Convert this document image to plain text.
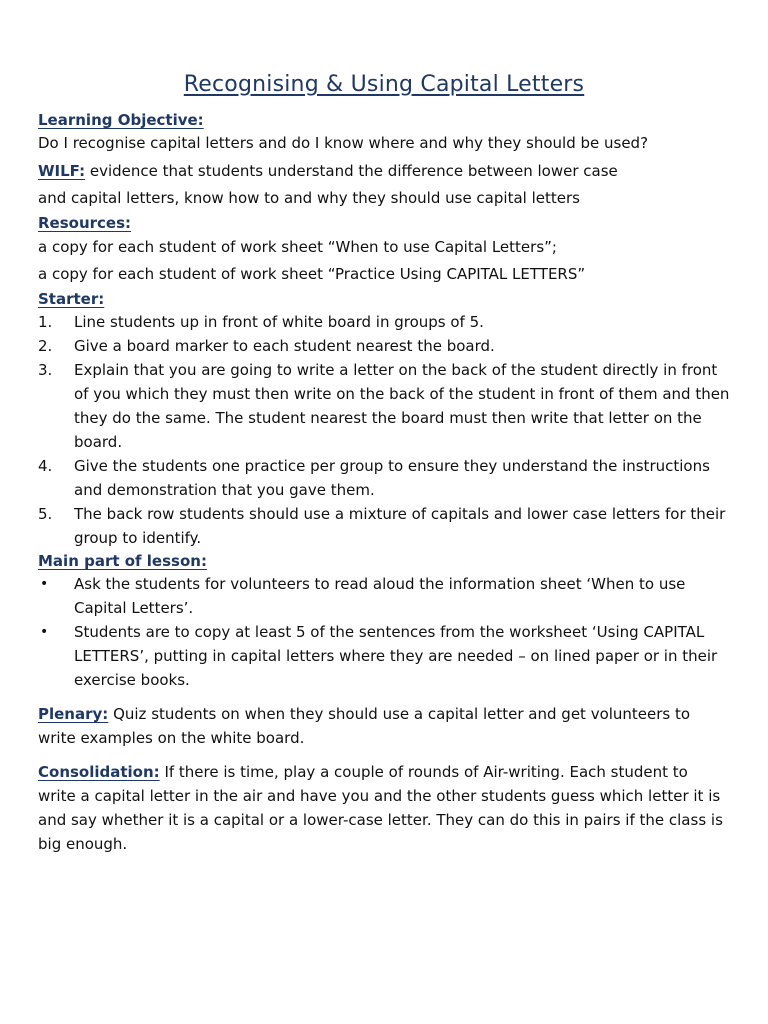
Recognising & Using Capital Letters
Learning Objective:

Do I recognise capital letters and do I know where and why they should be used?

WILF: evidence that students understand the difference between lower case

and capital letters, know how to and why they should use capital letters

Resources:

a copy for each student of work sheet “When to use Capital Letters”;

a copy for each student of work sheet “Practice Using CAPITAL LETTERS”

Starter:
1. Line students up in front of white board in groups of 5.
2. Give a board marker to each student nearest the board.
3. Explain that you are going to write a letter on the back of the student directly in front of you which they must then write on the back of the student in front of them and then they do the same. The student nearest the board must then write that letter on the board.
4. Give the students one practice per group to ensure they understand the instructions and demonstration that you gave them.
5. The back row students should use a mixture of capitals and lower case letters for their group to identify.
Main part of lesson:
• Ask the students for volunteers to read aloud the information sheet ‘When to use Capital Letters’.
• Students are to copy at least 5 of the sentences from the worksheet ‘Using CAPITAL LETTERS’, putting in capital letters where they are needed – on lined paper or in their exercise books.

Plenary: Quiz students on when they should use a capital letter and get volunteers to write examples on the white board.

Consolidation: If there is time, play a couple of rounds of Air-writing. Each student to write a capital letter in the air and have you and the other students guess which letter it is and say whether it is a capital or a lower-case letter. They can do this in pairs if the class is big enough.
